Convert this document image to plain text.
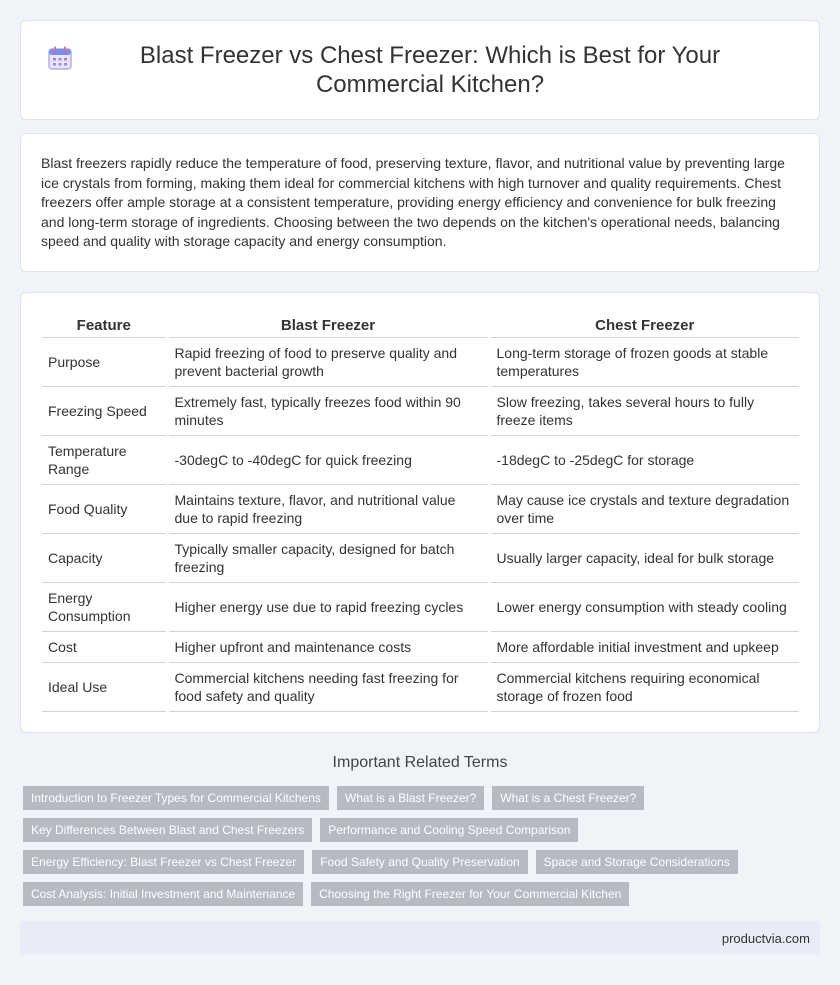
Blast Freezer vs Chest Freezer: Which is Best for Your Commercial Kitchen?

Blast freezers rapidly reduce the temperature of food, preserving texture, flavor, and nutritional value by preventing large ice crystals from forming, making them ideal for commercial kitchens with high turnover and quality requirements. Chest freezers offer ample storage at a consistent temperature, providing energy efficiency and convenience for bulk freezing and long-term storage of ingredients. Choosing between the two depends on the kitchen's operational needs, balancing speed and quality with storage capacity and energy consumption.

Feature	Blast Freezer	Chest Freezer
Purpose	Rapid freezing of food to preserve quality and prevent bacterial growth	Long-term storage of frozen goods at stable temperatures
Freezing Speed	Extremely fast, typically freezes food within 90 minutes	Slow freezing, takes several hours to fully freeze items
Temperature Range	-30degC to -40degC for quick freezing	-18degC to -25degC for storage
Food Quality	Maintains texture, flavor, and nutritional value due to rapid freezing	May cause ice crystals and texture degradation over time
Capacity	Typically smaller capacity, designed for batch freezing	Usually larger capacity, ideal for bulk storage
Energy Consumption	Higher energy use due to rapid freezing cycles	Lower energy consumption with steady cooling
Cost	Higher upfront and maintenance costs	More affordable initial investment and upkeep
Ideal Use	Commercial kitchens needing fast freezing for food safety and quality	Commercial kitchens requiring economical storage of frozen food
Important Related Terms
Introduction to Freezer Types for Commercial Kitchens	What is a Blast Freezer?	What is a Chest Freezer?
Key Differences Between Blast and Chest Freezers	Performance and Cooling Speed Comparison
Energy Efficiency: Blast Freezer vs Chest Freezer	Food Safety and Quality Preservation	Space and Storage Considerations
Cost Analysis: Initial Investment and Maintenance	Choosing the Right Freezer for Your Commercial Kitchen
productvia.com
